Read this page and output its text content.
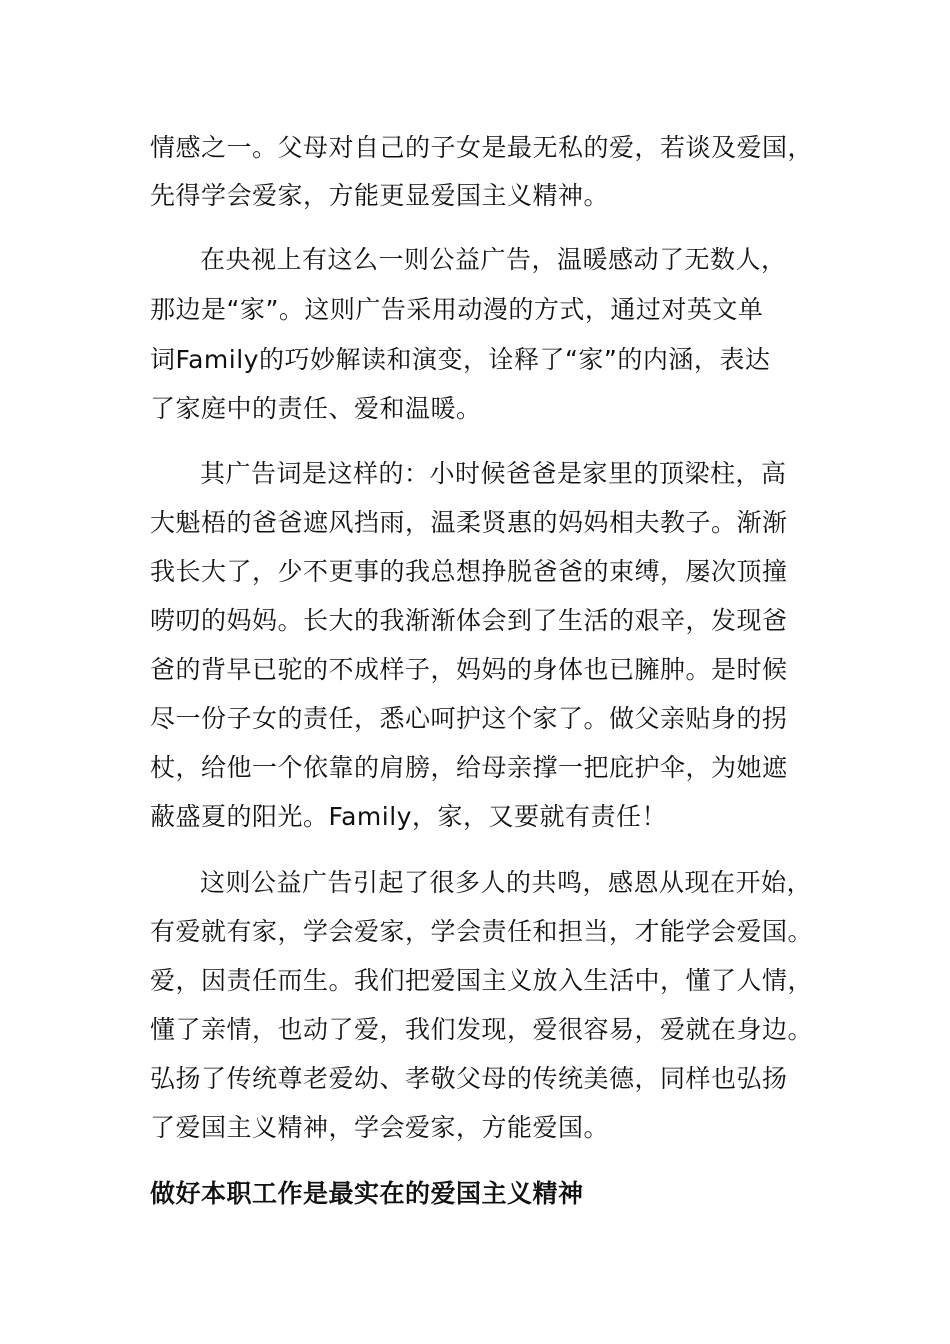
情感之一。父母对自己的子女是最无私的爱，若谈及爱国，
先得学会爱家，方能更显爱国主义精神。
在央视上有这么一则公益广告，温暖感动了无数人，
那边是“家”。这则广告采用动漫的方式，通过对英文单
词Family的巧妙解读和演变，诠释了“家”的内涵，表达
了家庭中的责任、爱和温暖。
其广告词是这样的：小时候爸爸是家里的顶梁柱，高
大魁梧的爸爸遮风挡雨，温柔贤惠的妈妈相夫教子。渐渐
我长大了，少不更事的我总想挣脱爸爸的束缚，屡次顶撞
唠叨的妈妈。长大的我渐渐体会到了生活的艰辛，发现爸
爸的背早已驼的不成样子，妈妈的身体也已臃肿。是时候
尽一份子女的责任，悉心呵护这个家了。做父亲贴身的拐
杖，给他一个依靠的肩膀，给母亲撑一把庇护伞，为她遮
蔽盛夏的阳光。Family，家，又要就有责任！
这则公益广告引起了很多人的共鸣，感恩从现在开始，
有爱就有家，学会爱家，学会责任和担当，才能学会爱国。
爱，因责任而生。我们把爱国主义放入生活中，懂了人情，
懂了亲情，也动了爱，我们发现，爱很容易，爱就在身边。
弘扬了传统尊老爱幼、孝敬父母的传统美德，同样也弘扬
了爱国主义精神，学会爱家，方能爱国。
做好本职工作是最实在的爱国主义精神
